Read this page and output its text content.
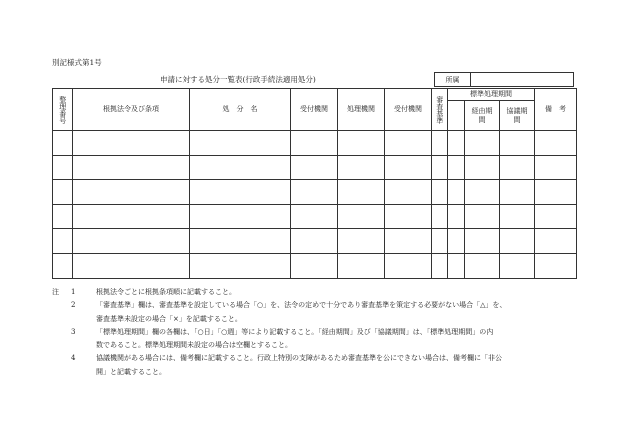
別記様式第1号
申請に対する処分一覧表(行政手続法適用処分)	所属
整理番号	根拠法令及び条項	処　分　名	受付機関	処理機関	受付機関	審査基準	標準処理期間			備　考

								経由期間	協議期間	

注 1	根拠法令ごとに根拠条項順に記載すること。
2	「審査基準」欄は、審査基準を設定している場合「○」を、法令の定めで十分であり審査基準を策定する必要がない場合「△」を、
審査基準未設定の場合「×」を記載すること。
3	「標準処理期間」欄の各欄は、「○日」「○週」等により記載すること。「経由期間」及び「協議期間」は、「標準処理期間」の内
数であること。標準処理期間未設定の場合は空欄とすること。
4	協議機関がある場合には、備考欄に記載すること。行政上特別の支障があるため審査基準を公にできない場合は、備考欄に「非公
開」と記載すること。
